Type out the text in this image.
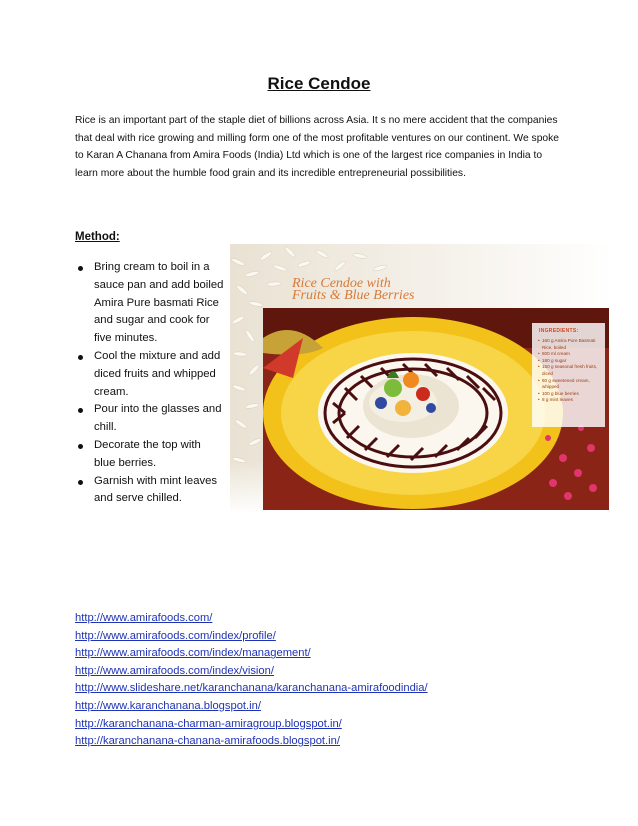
Rice Cendoe
Rice is an important part of the staple diet of billions across Asia. It s no mere accident that the companies that deal with rice growing and milling form one of the most profitable ventures on our continent. We spoke to Karan A Chanana from Amira Foods (India) Ltd which is one of the largest rice companies in India to learn more about the humble food grain and its incredible entrepreneurial possibilities.
Method:
Bring cream to boil in a sauce pan and add boiled Amira Pure basmati Rice and sugar and cook for five minutes.
Cool the mixture and add diced fruits and whipped cream.
Pour into the glasses and chill.
Decorate the top with blue berries.
Garnish with mint leaves and serve chilled.
Rice Cendoe with
Fruits & Blue Berries
INGREDIENTS:
• 160 g Amira Pure Basmati Rice, boiled
• 600 ml cream
• 180 g sugar
• 150 g seasonal fresh fruits, diced
• 60 g sweetened cream, whipped
• 100 g blue berries
• 8 g mint leaves
http://www.amirafoods.com/
http://www.amirafoods.com/index/profile/
http://www.amirafoods.com/index/management/
http://www.amirafoods.com/index/vision/
http://www.slideshare.net/karanchanana/karanchanana-amirafoodindia/
http://www.karanchanana.blogspot.in/
http://karanchanana-charman-amiragroup.blogspot.in/
http://karanchanana-chanana-amirafoods.blogspot.in/
